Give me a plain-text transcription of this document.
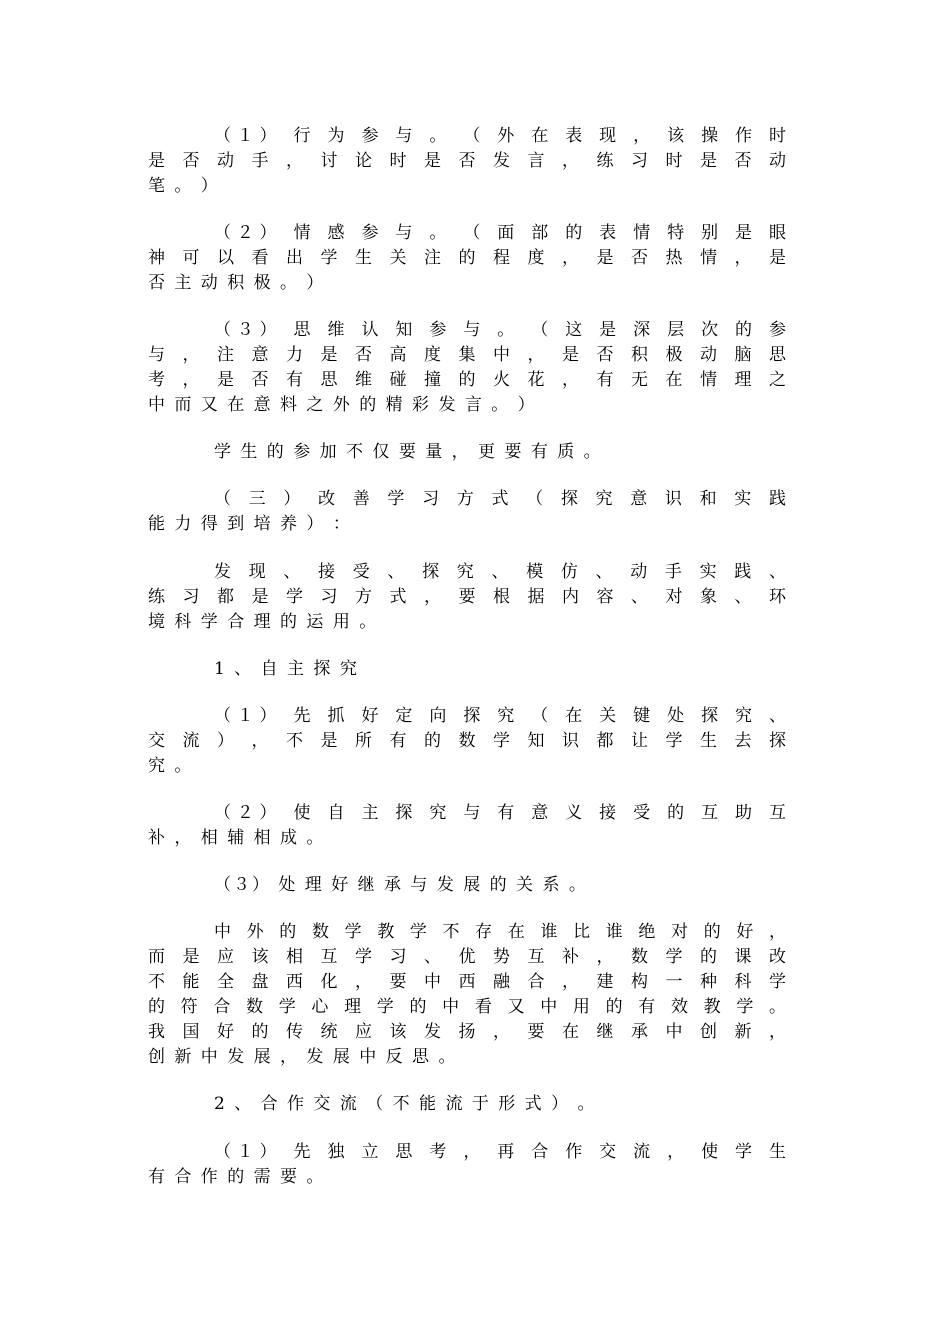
（１） 行 为 参 与 。 （ 外 在 表 现 ， 该 操 作 时
是 否 动 手 ， 讨 论 时 是 否 发 言 ， 练 习 时 是 否 动
笔 。 ）
（２） 情 感 参 与 。 （ 面 部 的 表 情 特 别 是 眼
神 可 以 看 出 学 生 关 注 的 程 度 ， 是 否 热 情 ， 是
否 主 动 积 极 。 ）
（３） 思 维 认 知 参 与 。 （ 这 是 深 层 次 的 参
与 ， 注 意 力 是 否 高 度 集 中 ， 是 否 积 极 动 脑 思
考 ， 是 否 有 思 维 碰 撞 的 火 花 ， 有 无 在 情 理 之
中 而 又 在 意 料 之 外 的 精 彩 发 言 。 ）
学 生 的 参 加 不 仅 要 量 ， 更 要 有 质 。
（ 三 ） 改 善 学 习 方 式 （ 探 究 意 识 和 实 践
能 力 得 到 培 养 ） ：
发 现 、 接 受 、 探 究 、 模 仿 、 动 手 实 践 、
练 习 都 是 学 习 方 式 ， 要 根 据 内 容 、 对 象 、 环
境 科 学 合 理 的 运 用 。
1 、 自 主 探 究
（１） 先 抓 好 定 向 探 究 （ 在 关 键 处 探 究 、
交 流 ） ， 不 是 所 有 的 数 学 知 识 都 让 学 生 去 探
究 。
（２） 使 自 主 探 究 与 有 意 义 接 受 的 互 助 互
补 ， 相 辅 相 成 。
（３） 处 理 好 继 承 与 发 展 的 关 系 。
中 外 的 数 学 教 学 不 存 在 谁 比 谁 绝 对 的 好 ，
而 是 应 该 相 互 学 习 、 优 势 互 补 ， 数 学 的 课 改
不 能 全 盘 西 化 ， 要 中 西 融 合 ， 建 构 一 种 科 学
的 符 合 数 学 心 理 学 的 中 看 又 中 用 的 有 效 教 学 。
我 国 好 的 传 统 应 该 发 扬 ， 要 在 继 承 中 创 新 ，
创 新 中 发 展 ， 发 展 中 反 思 。
2 、 合 作 交 流 （ 不 能 流 于 形 式 ） 。
（１） 先 独 立 思 考 ， 再 合 作 交 流 ， 使 学 生
有 合 作 的 需 要 。
